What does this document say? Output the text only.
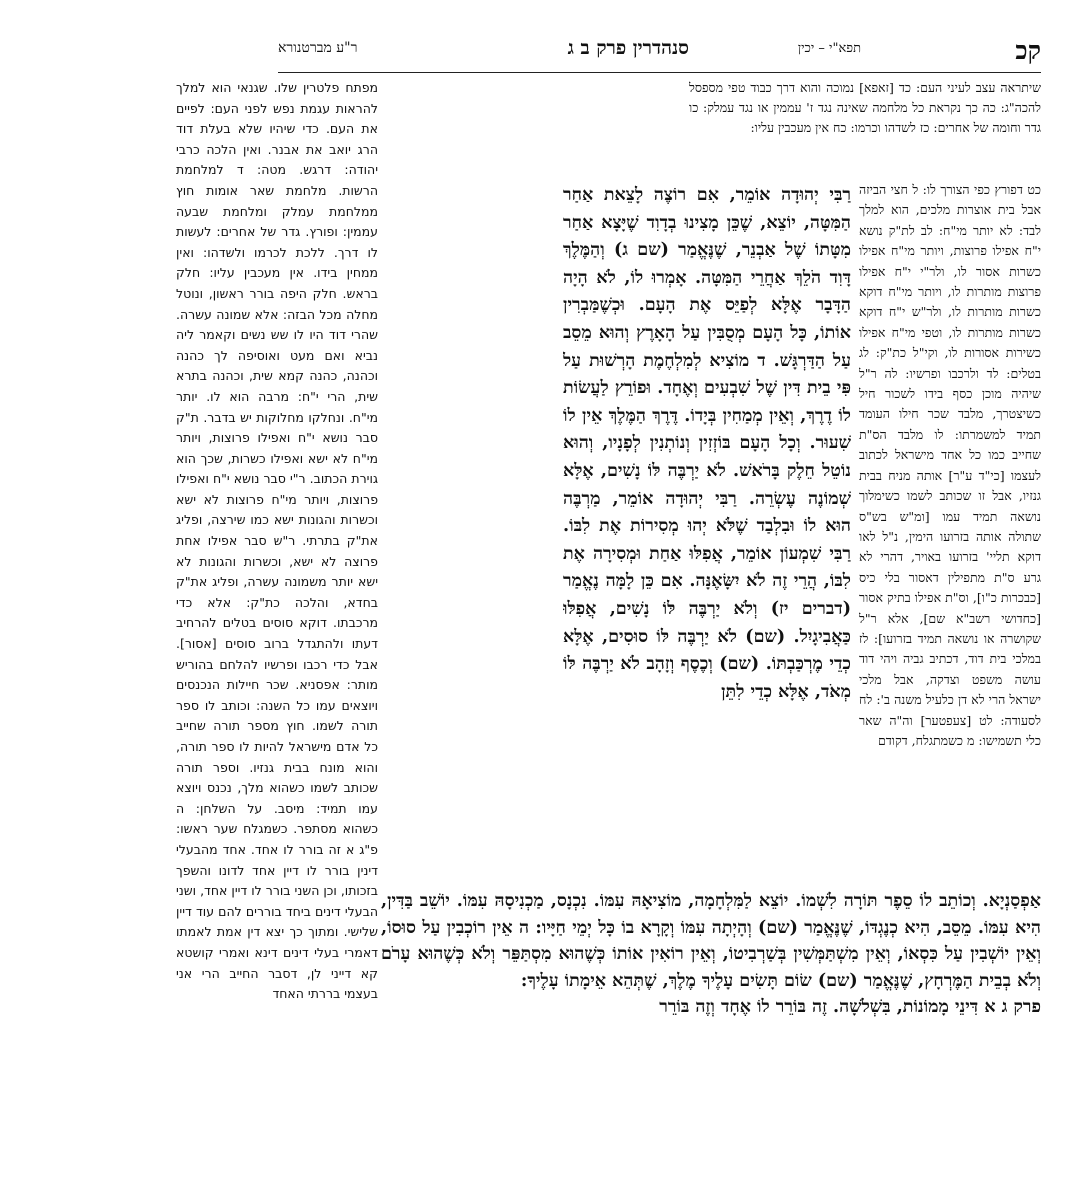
קכ
תפא"י – יכין
סנהדרין פרק ב ג
ר"ע מברטנורא

שיתראה עצב לעיני העם: כד [זאפא] נמוכה והוא דרך כבוד טפי מספסל להכה"ג: כה כך נקראת כל מלחמה שאינה נגד ז' עממין או נגד עמלק: כו גדר וחומה של אחרים: כז לשדהו וכרמו: כח אין מעכבין עליו:

כט דפורץ כפי הצורך לו: ל חצי הביזה אבל בית אוצרות מלכים, הוא למלך לבד: לא יותר מי"ח: לב לת"ק נושא י"ח אפילו פרוצות, ויותר מי"ח אפילו כשרות אסור לו, ולר"י י"ח אפילו פרוצות מותרות לו, ויותר מי"ח דוקא כשרות מותרות לו, ולר"ש י"ח דוקא כשרות מותרות לו, וטפי מי"ח אפילו כשירות אסורות לו, וקי"ל כת"ק: לג בטלים: לד ולרכבו ופרשיו: לה ר"ל שיהיה מוכן כסף בידו לשכור חיל כשיצטרך, מלבד שכר חילו העומד תמיד למשמרתו: לו מלבד הס"ת שחייב כמו כל אחד מישראל לכתוב לעצמו [כי"ד ע"ר] אותה מניח בבית גנזיו, אבל זו שכותב לשמו כשימלוך נושאה תמיד עמו [ומ"ש בש"ס שתולה אותה בזרועו הימין, נ"ל לאו דוקא תליי' בזרועו באויר, דהרי לא גרע ס"ת מתפילין דאסור בלי כיס [כבכרות כ"ו], וס"ת אפילו בתיק אסור [כחדושי רשב"א שם], אלא ר"ל שקושרה או נושאה תמיד בזרועו]: לז במלכי בית דוד, דכתיב גביה ויהי דוד עושה משפט וצדקה, אבל מלכי ישראל הרי לא דן כלעיל משנה ב': לח לסעודה: לט [צעפטער] וה"ה שאר כלי תשמישו: מ כשמתגלח, דקודם

רַבִּי יְהוּדָה אוֹמֵר, אִם רוֹצֶה לָצֵאת אַחַר הַמִּטָּה, יוֹצֵא, שֶׁכֵּן מָצִינוּ בְדָוִד שֶׁיָּצָא אַחַר מִטָּתוֹ שֶׁל אַבְנֵר, שֶׁנֶּאֱמַר (שם ג) וְהַמֶּלֶךְ דָּוִד הֹלֵךְ אַחֲרֵי הַמִּטָּה. אָמְרוּ לוֹ, לֹא הָיָה הַדָּבָר אֶלָּא לְפַיֵּס אֶת הָעָם. וּכְשֶׁמַּבְרִין אוֹתוֹ, כָּל הָעָם מְסֻבִּין עַל הָאָרֶץ וְהוּא מֵסֵב עַל הַדַּרְגָּשׁ. ד מוֹצִיא לְמִלְחֶמֶת הָרְשׁוּת עַל פִּי בֵית דִּין שֶׁל שִׁבְעִים וְאֶחָד. וּפוֹרֵץ לַעֲשׂוֹת לוֹ דֶרֶךְ, וְאֵין מְמַחִין בְּיָדוֹ. דֶּרֶךְ הַמֶּלֶךְ אֵין לוֹ שִׁעוּר. וְכָל הָעָם בּוֹזְזִין וְנוֹתְנִין לְפָנָיו, וְהוּא נוֹטֵל חֵלֶק בָּרֹאשׁ. לֹא יַרְבֶּה לּוֹ נָשִׁים, אֶלָּא שְׁמוֹנֶה עֶשְׂרֵה. רַבִּי יְהוּדָה אוֹמֵר, מַרְבֶּה הוּא לוֹ וּבִלְבַד שֶׁלֹּא יְהוּ מְסִירוֹת אֶת לִבּוֹ. רַבִּי שִׁמְעוֹן אוֹמֵר, אֲפִלּוּ אַחַת וּמְסִירָה אֶת לִבּוֹ, הֲרֵי זֶה לֹא יִשָּׂאֶנָּה. אִם כֵּן לָמָּה נֶאֱמַר (דברים יז) וְלֹא יַרְבֶּה לּוֹ נָשִׁים, אֲפִלּוּ כַּאֲבִיגָיִל. (שם) לֹא יַרְבֶּה לּוֹ סוּסִים, אֶלָּא כְדֵי מֶרְכַּבְתּוֹ. (שם) וְכֶסֶף וְזָהָב לֹא יַרְבֶּה לּוֹ מְאֹד, אֶלָּא כְדֵי לִתֵּן

מפתח פלטרין שלו. שגנאי הוא למלך להראות עגמת נפש לפני העם: לפיים את העם. כדי שיהיו שלא בעלת דוד הרג יואב את אבנר. ואין הלכה כרבי יהודה: דרגש. מטה: ד למלחמת הרשות. מלחמת שאר אומות חוץ ממלחמת עמלק ומלחמת שבעה עממין: ופורץ. גדר של אחרים: לעשות לו דרך. ללכת לכרמו ולשדהו: ואין ממחין בידו. אין מעכבין עליו: חלק בראש. חלק היפה בורר ראשון, ונוטל מחלה מכל הבזה: אלא שמונה עשרה. שהרי דוד היו לו שש נשים וקאמר ליה נביא ואם מעט ואוסיפה לך כהנה וכהנה, כהנה קמא שית, וכהנה בתרא שית, הרי י"ח: מרבה הוא לו. יותר מי"ח. ונחלקו מחלוקות יש בדבר. ת"ק סבר נושא י"ח ואפילו פרוצות, ויותר מי"ח לא ישא ואפילו כשרות, שכך הוא גוירת הכתוב. ר"י סבר נושא י"ח ואפילו פרוצות, ויותר מי"ח פרוצות לא ישא וכשרות והגונות ישא כמו שירצה, ופליג את"ק בתרתי. ר"ש סבר אפילו אחת פרוצה לא ישא, וכשרות והגונות לא ישא יותר משמונה עשרה, ופליג את"ק בחדא, והלכה כת"ק: אלא כדי מרכבתו. דוקא סוסים בטלים להרחיב דעתו ולהתגדל ברוב סוסים [אסור]. אבל כדי רכבו ופרשיו להלחם בהוריש מותר: אפסניא. שכר חיילות הנכנסים ויוצאים עמו כל השנה: וכותב לו ספר תורה לשמו. חוץ מספר תורה שחייב כל אדם מישראל להיות לו ספר תורה, והוא מונח בבית גנזיו. וספר תורה שכותב לשמו כשהוא מלך, נכנס ויוצא עמו תמיד: מיסב. על השלחן: ה כשהוא מסתפר. כשמגלח שער ראשו: פ"ג א זה בורר לו אחד. אחד מהבעלי דינין בורר לו דיין אחד לדונו והשפך בזכותו, וכן השני בורר לו דיין אחד, ושני הבעלי דינים ביחד בוררים להם עוד דיין שלישי. ומתוך כך יצא דין אמת לאמתו דאמרי בעלי דינים דינא ואמרי קושטא קא דייני לן, דסבר החייב הרי אני בעצמי בררתי האחד

אַפְסַנְיָא. וְכוֹתֵב לוֹ סֵפֶר תּוֹרָה לִשְׁמוֹ. יוֹצֵא לַמִּלְחָמָה, מוֹצִיאָהּ עִמּוֹ. נִכְנָס, מַכְנִיסָהּ עִמּוֹ. יוֹשֵׁב בַּדִּין, הִיא עִמּוֹ. מֵסֵב, הִיא כְנֶגְדּוֹ, שֶׁנֶּאֱמַר (שם) וְהָיְתָה עִמּוֹ וְקָרָא בוֹ כָּל יְמֵי חַיָּיו: ה אֵין רוֹכְבִין עַל סוּסוֹ, וְאֵין יוֹשְׁבִין עַל כִּסְאוֹ, וְאֵין מִשְׁתַּמְּשִׁין בְּשַׁרְבִיטוֹ, וְאֵין רוֹאִין אוֹתוֹ כְּשֶׁהוּא מִסְתַּפֵּר וְלֹא כְּשֶׁהוּא עָרֹם וְלֹא בְבֵית הַמֶּרְחָץ, שֶׁנֶּאֱמַר (שם) שׂוֹם תָּשִׂים עָלֶיךָ מֶלֶךְ, שֶׁתְּהֵא אֵימָתוֹ עָלֶיךָ:

פרק ג א דִּינֵי מָמוֹנוֹת, בִּשְׁלֹשָׁה. זֶה בּוֹרֵר לוֹ אֶחָד וְזֶה בּוֹרֵר
